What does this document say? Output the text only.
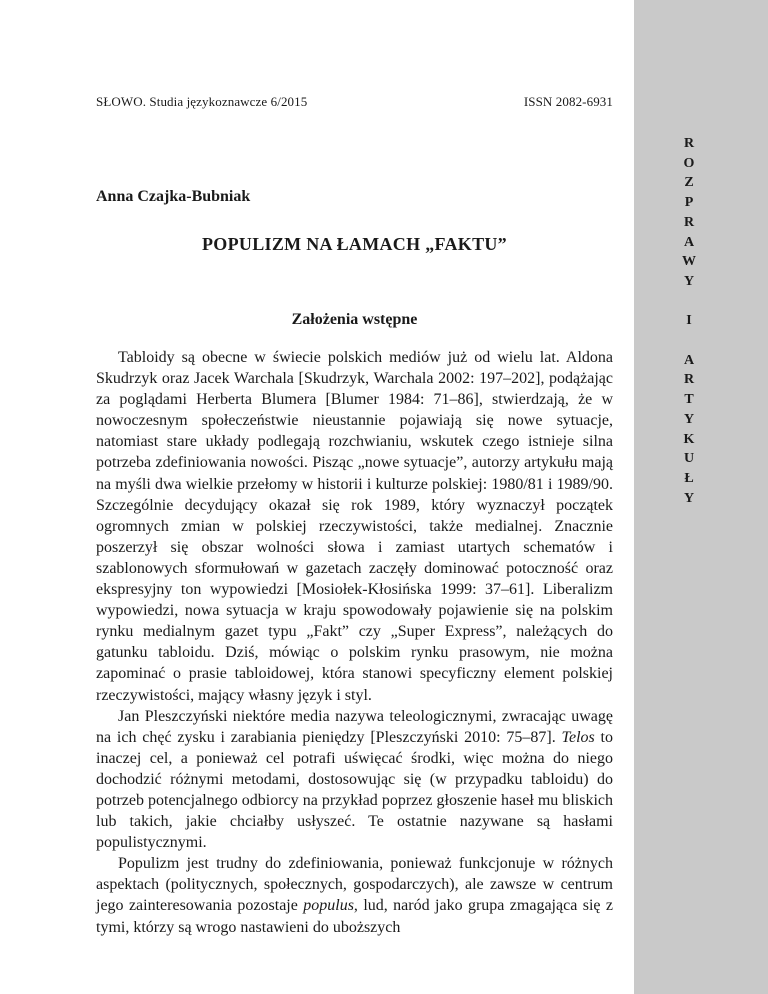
SŁOWO. Studia językoznawcze 6/2015	ISSN 2082-6931
Anna Czajka-Bubniak
POPULIZM NA ŁAMACH „FAKTU”
Założenia wstępne

Tabloidy są obecne w świecie polskich mediów już od wielu lat. Aldona Skudrzyk oraz Jacek Warchala [Skudrzyk, Warchala 2002: 197–202], podążając za poglądami Herberta Blumera [Blumer 1984: 71–86], stwierdzają, że w nowoczesnym społeczeństwie nieustannie pojawiają się nowe sytuacje, natomiast stare układy podlegają rozchwianiu, wskutek czego istnieje silna potrzeba zdefiniowania nowości. Pisząc „nowe sytuacje”, autorzy artykułu mają na myśli dwa wielkie przełomy w historii i kulturze polskiej: 1980/81 i 1989/90. Szczególnie decydujący okazał się rok 1989, który wyznaczył początek ogromnych zmian w polskiej rzeczywistości, także medialnej. Znacznie poszerzył się obszar wolności słowa i zamiast utartych schematów i szablonowych sformułowań w gazetach zaczęły dominować potoczność oraz ekspresyjny ton wypowiedzi [Mosiołek-Kłosińska 1999: 37–61]. Liberalizm wypowiedzi, nowa sytuacja w kraju spowodowały pojawienie się na polskim rynku medialnym gazet typu „Fakt” czy „Super Express”, należących do gatunku tabloidu. Dziś, mówiąc o polskim rynku prasowym, nie można zapominać o prasie tabloidowej, która stanowi specyficzny element polskiej rzeczywistości, mający własny język i styl.

Jan Pleszczyński niektóre media nazywa teleologicznymi, zwracając uwagę na ich chęć zysku i zarabiania pieniędzy [Pleszczyński 2010: 75–87]. Telos to inaczej cel, a ponieważ cel potrafi uświęcać środki, więc można do niego dochodzić różnymi metodami, dostosowując się (w przypadku tabloidu) do potrzeb potencjalnego odbiorcy na przykład poprzez głoszenie haseł mu bliskich lub takich, jakie chciałby usłyszeć. Te ostatnie nazywane są hasłami populistycznymi.

Populizm jest trudny do zdefiniowania, ponieważ funkcjonuje w różnych aspektach (politycznych, społecznych, gospodarczych), ale zawsze w centrum jego zainteresowania pozostaje populus, lud, naród jako grupa zmagająca się z tymi, którzy są wrogo nastawieni do uboższych

R
O
Z
P
R
A
W
Y

I

A
R
T
Y
K
U
Ł
Y
